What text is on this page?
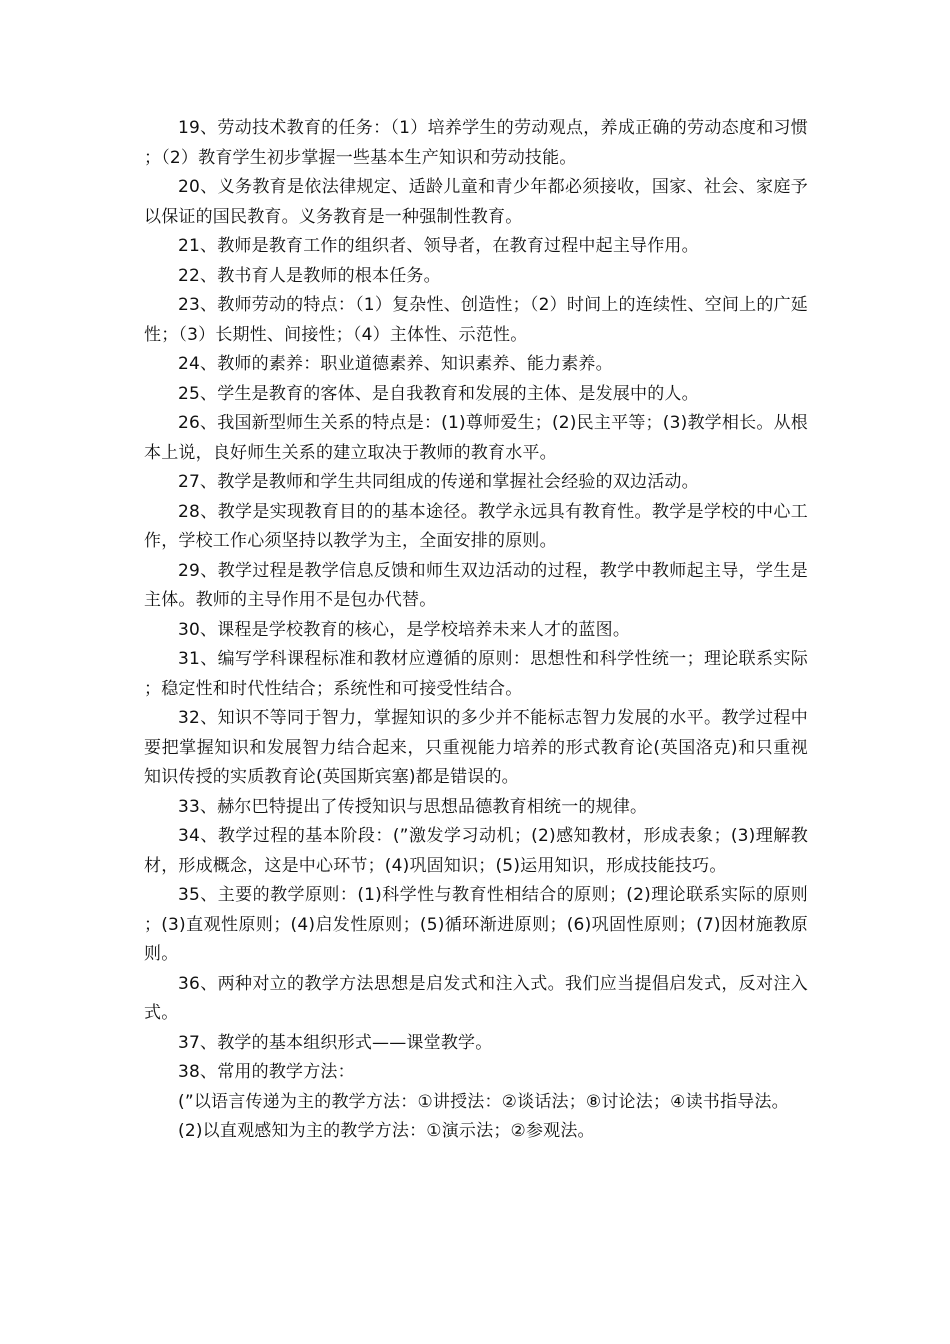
19、劳动技术教育的任务：（1）培养学生的劳动观点，养成正确的劳动态度和习惯；（2）教育学生初步掌握一些基本生产知识和劳动技能。

20、义务教育是依法律规定、适龄儿童和青少年都必须接收，国家、社会、家庭予以保证的国民教育。义务教育是一种强制性教育。

21、教师是教育工作的组织者、领导者，在教育过程中起主导作用。

22、教书育人是教师的根本任务。

23、教师劳动的特点：（1）复杂性、创造性；（2）时间上的连续性、空间上的广延性；（3）长期性、间接性；（4）主体性、示范性。

24、教师的素养：职业道德素养、知识素养、能力素养。

25、学生是教育的客体、是自我教育和发展的主体、是发展中的人。

26、我国新型师生关系的特点是：(1)尊师爱生；(2)民主平等；(3)教学相长。从根本上说，良好师生关系的建立取决于教师的教育水平。

27、教学是教师和学生共同组成的传递和掌握社会经验的双边活动。

28、教学是实现教育目的的基本途径。教学永远具有教育性。教学是学校的中心工作，学校工作心须坚持以教学为主，全面安排的原则。

29、教学过程是教学信息反馈和师生双边活动的过程，教学中教师起主导，学生是主体。教师的主导作用不是包办代替。

30、课程是学校教育的核心，是学校培养未来人才的蓝图。

31、编写学科课程标准和教材应遵循的原则：思想性和科学性统一；理论联系实际；稳定性和时代性结合；系统性和可接受性结合。

32、知识不等同于智力，掌握知识的多少并不能标志智力发展的水平。教学过程中要把掌握知识和发展智力结合起来，只重视能力培养的形式教育论(英国洛克)和只重视知识传授的实质教育论(英国斯宾塞)都是错误的。

33、赫尔巴特提出了传授知识与思想品德教育相统一的规律。

34、教学过程的基本阶段：(”激发学习动机；(2)感知教材，形成表象；(3)理解教材，形成概念，这是中心环节；(4)巩固知识；(5)运用知识，形成技能技巧。

35、主要的教学原则：(1)科学性与教育性相结合的原则；(2)理论联系实际的原则；(3)直观性原则；(4)启发性原则；(5)循环渐进原则；(6)巩固性原则；(7)因材施教原则。

36、两种对立的教学方法思想是启发式和注入式。我们应当提倡启发式，反对注入式。

37、教学的基本组织形式——课堂教学。

38、常用的教学方法：

(”以语言传递为主的教学方法：①讲授法：②谈话法；⑧讨论法；④读书指导法。

(2)以直观感知为主的教学方法：①演示法；②参观法。
